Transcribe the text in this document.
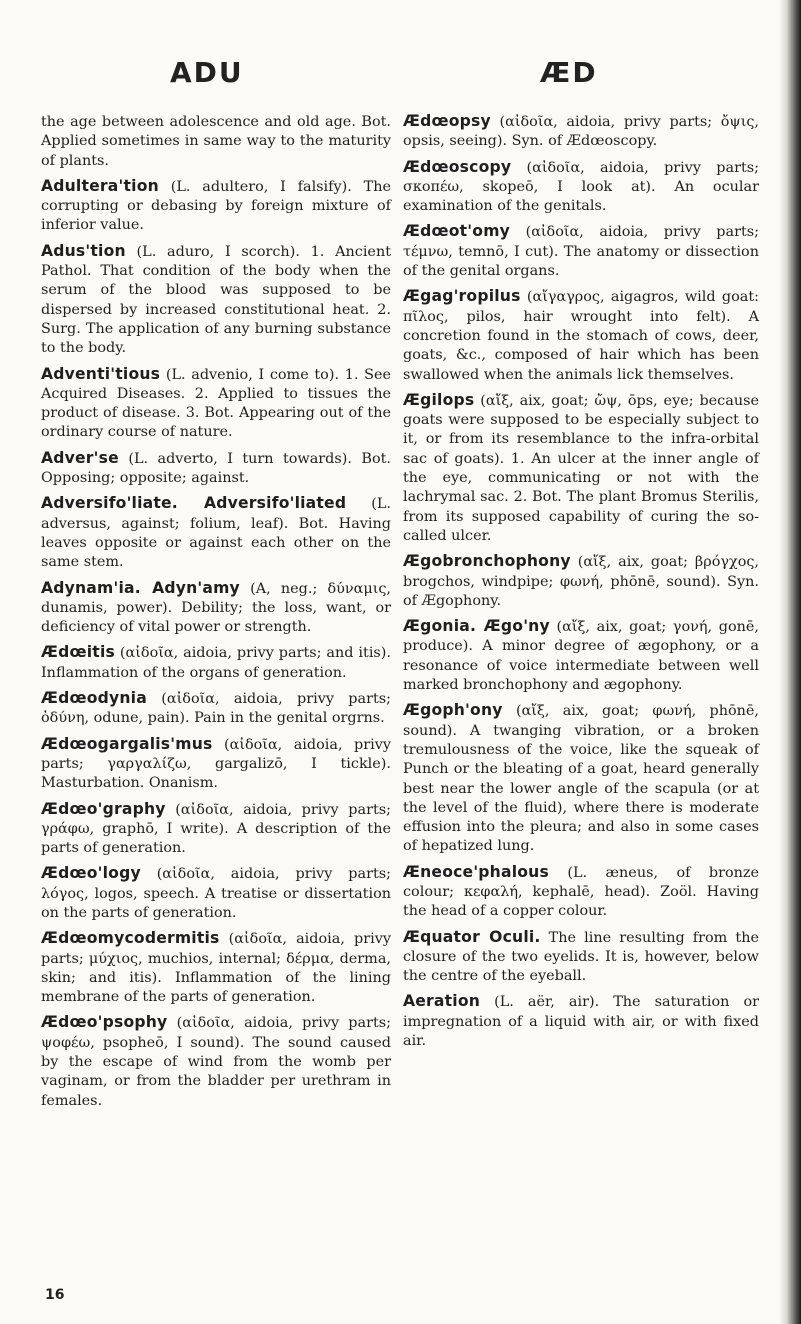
ADU	ÆD

the age between adolescence and old age. Bot. Applied sometimes in same way to the maturity of plants.

Adultera'tion (L. adultero, I falsify). The corrupting or debasing by foreign mixture of inferior value.

Adus'tion (L. aduro, I scorch). 1. Ancient Pathol. That condition of the body when the serum of the blood was supposed to be dispersed by increased constitutional heat. 2. Surg. The application of any burning substance to the body.

Adventi'tious (L. advenio, I come to). 1. See Acquired Diseases. 2. Applied to tissues the product of disease. 3. Bot. Appearing out of the ordinary course of nature.

Adver'se (L. adverto, I turn towards). Bot. Opposing; opposite; against.

Adversifo'liate. Adversifo'liated (L. adversus, against; folium, leaf). Bot. Having leaves opposite or against each other on the same stem.

Adynam'ia. Adyn'amy (A, neg.; δύναμις, dunamis, power). Debility; the loss, want, or deficiency of vital power or strength.

Ædœitis (αἰδοῖα, aidoia, privy parts; and itis). Inflammation of the organs of generation.

Ædœodynia (αἰδοῖα, aidoia, privy parts; ὀδύνη, odune, pain). Pain in the genital orgrns.

Ædœogargalis'mus (αἰδοῖα, aidoia, privy parts; γαργαλίζω, gargalizō, I tickle). Masturbation. Onanism.

Ædœo'graphy (αἰδοῖα, aidoia, privy parts; γράφω, graphō, I write). A description of the parts of generation.

Ædœo'logy (αἰδοῖα, aidoia, privy parts; λόγος, logos, speech. A treatise or dissertation on the parts of generation.

Ædœomycodermitis (αἰδοῖα, aidoia, privy parts; μύχιος, muchios, internal; δέρμα, derma, skin; and itis). Inflammation of the lining membrane of the parts of generation.

Ædœo'psophy (αἰδοῖα, aidoia, privy parts; ψοφέω, psopheō, I sound). The sound caused by the escape of wind from the womb per vaginam, or from the bladder per urethram in females.

Ædœopsy (αἰδοῖα, aidoia, privy parts; ὄψις, opsis, seeing). Syn. of Ædœoscopy.

Ædœoscopy (αἰδοῖα, aidoia, privy parts; σκοπέω, skopeō, I look at). An ocular examination of the genitals.

Ædœot'omy (αἰδοῖα, aidoia, privy parts; τέμνω, temnō, I cut). The anatomy or dissection of the genital organs.

Ægag'ropilus (αἴγαγρος, aigagros, wild goat: πῖλος, pilos, hair wrought into felt). A concretion found in the stomach of cows, deer, goats, &c., composed of hair which has been swallowed when the animals lick themselves.

Ægilops (αἴξ, aix, goat; ὤψ, ōps, eye; because goats were supposed to be especially subject to it, or from its resemblance to the infra-orbital sac of goats). 1. An ulcer at the inner angle of the eye, communicating or not with the lachrymal sac. 2. Bot. The plant Bromus Sterilis, from its supposed capability of curing the so-called ulcer.

Ægobronchophony (αἴξ, aix, goat; βρόγχος, brogchos, windpipe; φωνή, phōnē, sound). Syn. of Ægophony.

Ægonia. Ægo'ny (αἴξ, aix, goat; γονή, gonē, produce). A minor degree of ægophony, or a resonance of voice intermediate between well marked bronchophony and ægophony.

Ægoph'ony (αἴξ, aix, goat; φωνή, phōnē, sound). A twanging vibration, or a broken tremulousness of the voice, like the squeak of Punch or the bleating of a goat, heard generally best near the lower angle of the scapula (or at the level of the fluid), where there is moderate effusion into the pleura; and also in some cases of hepatized lung.

Æneoce'phalous (L. æneus, of bronze colour; κεφαλή, kephalē, head). Zoöl. Having the head of a copper colour.

Æquator Oculi. The line resulting from the closure of the two eyelids. It is, however, below the centre of the eyeball.

Aeration (L. aër, air). The saturation or impregnation of a liquid with air, or with fixed air.

16
